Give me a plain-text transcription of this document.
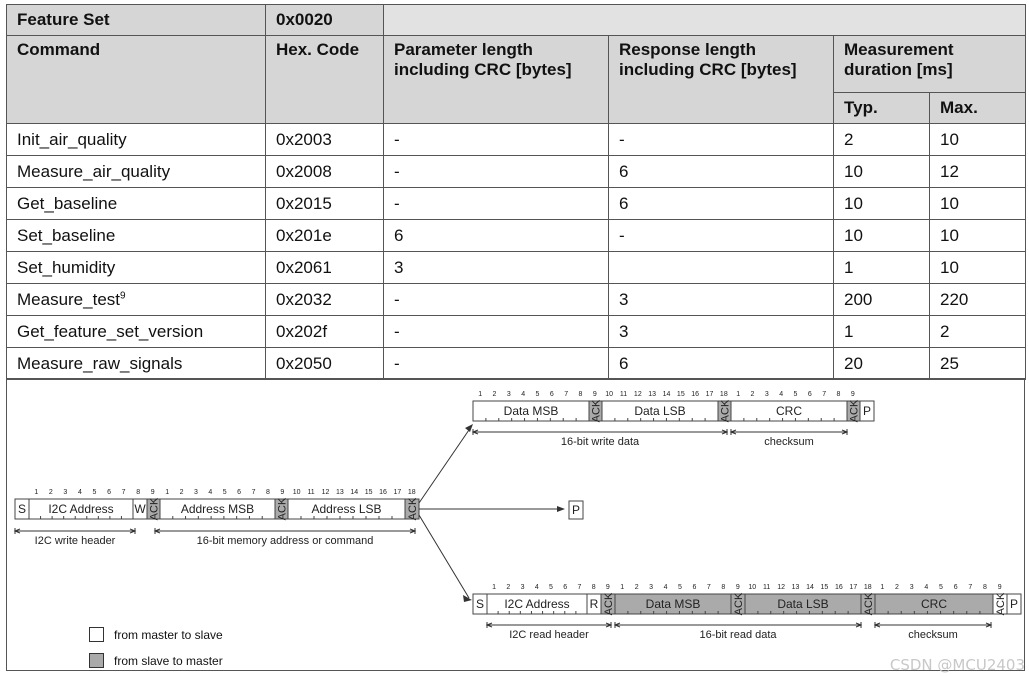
Feature Set	0x0020				
Command	Hex. Code	Parameter length including CRC [bytes]	Response length including CRC [bytes]	Measurement duration [ms]	
				Typ.	Max.
Init_air_quality	0x2003	-	-	2	10
Measure_air_quality	0x2008	-	6	10	12
Get_baseline	0x2015	-	6	10	10
Set_baseline	0x201e	6	-	10	10
Set_humidity	0x2061	3		1	10
Measure_test$^9$	0x2032	-	3	200	220
Get_feature_set_version	0x202f	-	3	1	2
Measure_raw_signals	0x2050	-	6	20	25
S I2C Address W ACK Address MSB ACK Address LSB ACK
1 2 3 4 5 6 7 8 9 1 2 3 4 5 6 7 8 9 10 11 12 13 14 15 16 17 18
I2C write header	16-bit memory address or command
P
Data MSB	ACK	Data LSB	ACK	CRC	ACK P
1 2 3 4 5 6 7 8 9 10 11 12 13 14 15 16 17 18 1 2 3 4 5 6 7 8 9
16-bit write data	checksum
S I2C Address R ACK	Data MSB	ACK	Data LSB	ACK	CRC	ACK P
1 2 3 4 5 6 7 8 9 1 2 3 4 5 6 7 8 9 10 11 12 13 14 15 16 17 18 1 2 3 4 5 6 7 8 9
I2C read header	16-bit read data	checksum
from master to slave
from slave to master	CSDN @MCU2403
